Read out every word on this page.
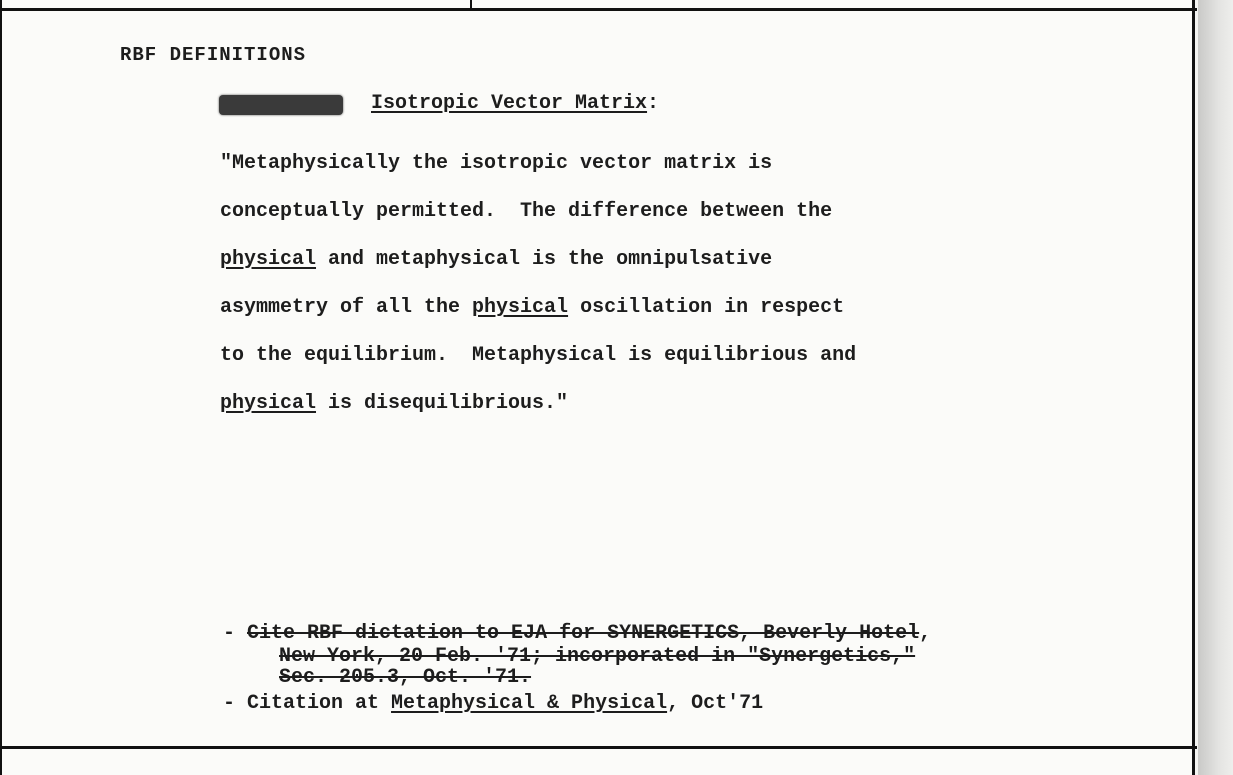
RBF DEFINITIONS
Isotropic Vector Matrix:
"Metaphysically the isotropic vector matrix is
conceptually permitted.  The difference between the
physical and metaphysical is the omnipulsative
asymmetry of all the physical oscillation in respect
to the equilibrium.  Metaphysical is equilibrious and
physical is disequilibrious."
- Cite RBF dictation to EJA for SYNERGETICS, Beverly Hotel,
New York, 20 Feb. '71; incorporated in "Synergetics,"
Sec. 205.3, Oct. '71.
- Citation at Metaphysical & Physical, Oct'71
